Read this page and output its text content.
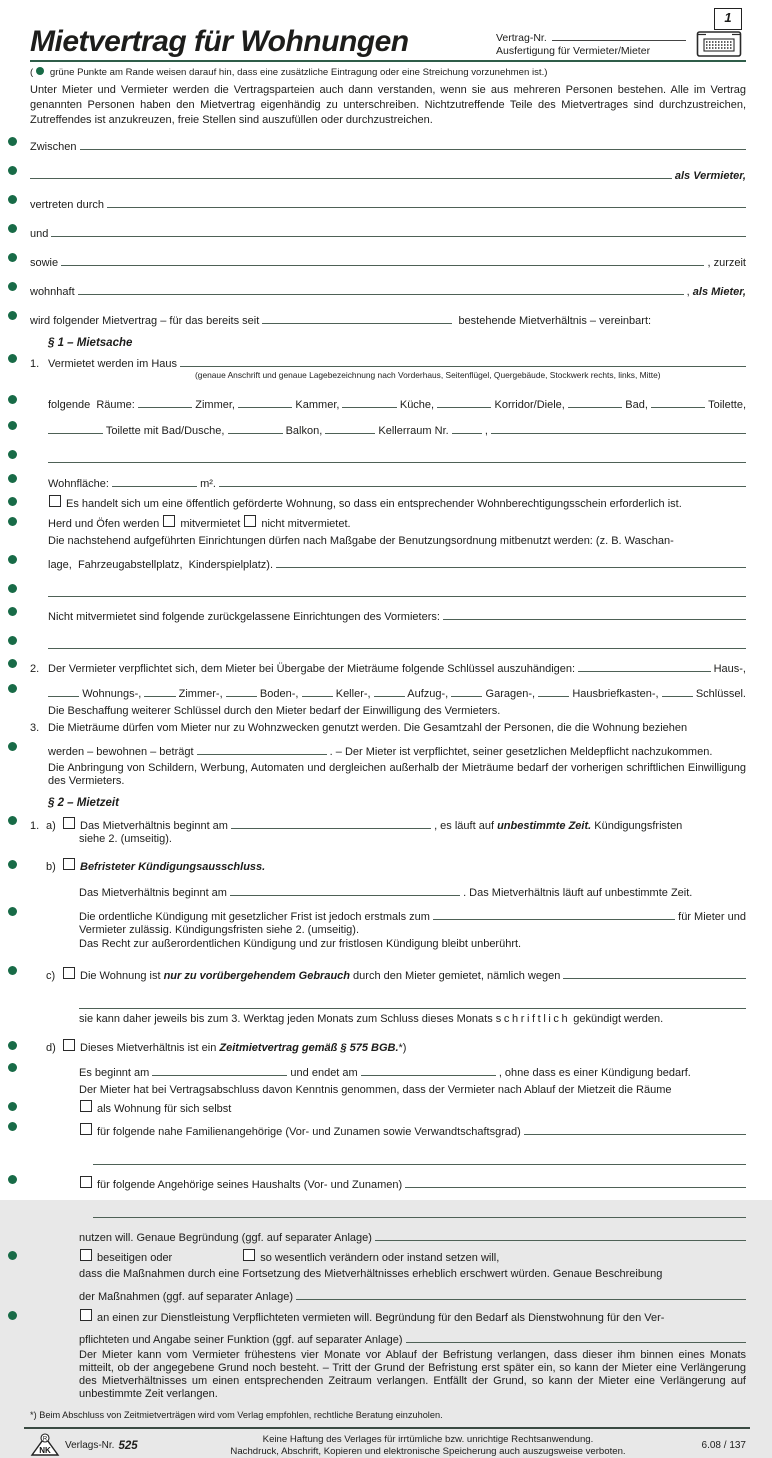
Mietvertrag für Wohnungen	Vertrag-Nr.
Ausfertigung für Vermieter/Mieter
1
( grüne Punkte am Rande weisen darauf hin, dass eine zusätzliche Eintragung oder eine Streichung vorzunehmen ist.)
Unter Mieter und Vermieter werden die Vertragsparteien auch dann verstanden, wenn sie aus mehreren Personen bestehen. Alle im Vertrag genannten Personen haben den Mietvertrag eigenhändig zu unterschreiben. Nichtzutreffende Teile des Mietvertrages sind durchzustreichen, Zutreffendes ist anzukreuzen, freie Stellen sind auszufüllen oder durchzustreichen.
Zwischen
als Vermieter,
vertreten durch
und
sowie	, zurzeit
wohnhaft	, als Mieter,
wird folgender Mietvertrag – für das bereits seit	bestehende Mietverhältnis – vereinbart:
§ 1 – Mietsache
1. Vermietet werden im Haus
(genaue Anschrift und genaue Lagebezeichnung nach Vorderhaus, Seitenflügel, Quergebäude, Stockwerk rechts, links, Mitte)
folgende  Räume:	Zimmer,	Kammer,	Küche,	Korridor/Diele,	Bad,	Toilette,
Toilette mit Bad/Dusche,	Balkon,	Kellerraum Nr.	,
Wohnfläche:	m².
Es handelt sich um eine öffentlich geförderte Wohnung, so dass ein entsprechender Wohnberechtigungsschein erforderlich ist.
Herd und Öfen werden mitvermietet nicht mitvermietet.
Die nachstehend aufgeführten Einrichtungen dürfen nach Maßgabe der Benutzungsordnung mitbenutzt werden: (z. B. Waschan-
lage,  Fahrzeugabstellplatz,  Kinderspielplatz).
Nicht mitvermietet sind folgende zurückgelassene Einrichtungen des Vormieters:
2. Der Vermieter verpflichtet sich, dem Mieter bei Übergabe der Mieträume folgende Schlüssel auszuhändigen:	Haus-,
Wohnungs-,	Zimmer-,	Boden-,	Keller-,	Aufzug-,	Garagen-,	Hausbriefkasten-,	Schlüssel.
Die Beschaffung weiterer Schlüssel durch den Mieter bedarf der Einwilligung des Vermieters.
3. Die Mieträume dürfen vom Mieter nur zu Wohnzwecken genutzt werden. Die Gesamtzahl der Personen, die die Wohnung beziehen
werden – bewohnen – beträgt	. – Der Mieter ist verpflichtet, seiner gesetzlichen Meldepflicht nachzukommen.
Die Anbringung von Schildern, Werbung, Automaten und dergleichen außerhalb der Mieträume bedarf der vorherigen schriftlichen Einwilligung des Vermieters.
§ 2 – Mietzeit
1. a)	Das Mietverhältnis beginnt am	, es läuft auf unbestimmte Zeit. Kündigungsfristen
siehe 2. (umseitig).
b)	Befristeter Kündigungsausschluss.
Das Mietverhältnis beginnt am	. Das Mietverhältnis läuft auf unbestimmte Zeit.
Die ordentliche Kündigung mit gesetzlicher Frist ist jedoch erstmals zum	für Mieter und
Vermieter zulässig. Kündigungsfristen siehe 2. (umseitig).
Das Recht zur außerordentlichen Kündigung und zur fristlosen Kündigung bleibt unberührt.
c)	Die Wohnung ist nur zu vorübergehendem Gebrauch durch den Mieter gemietet, nämlich wegen
sie kann daher jeweils bis zum 3. Werktag jeden Monats zum Schluss dieses Monats schriftlich gekündigt werden.
d)	Dieses Mietverhältnis ist ein Zeitmietvertrag gemäß § 575 BGB. *)
Es beginnt am	und endet am	, ohne dass es einer Kündigung bedarf.
Der Mieter hat bei Vertragsabschluss davon Kenntnis genommen, dass der Vermieter nach Ablauf der Mietzeit die Räume
als Wohnung für sich selbst
für folgende nahe Familienangehörige (Vor- und Zunamen sowie Verwandtschaftsgrad)
für folgende Angehörige seines Haushalts (Vor- und Zunamen)
nutzen will. Genaue Begründung (ggf. auf separater Anlage)
beseitigen oder	so wesentlich verändern oder instand setzen will,
dass die Maßnahmen durch eine Fortsetzung des Mietverhältnisses erheblich erschwert würden. Genaue Beschreibung
der Maßnahmen (ggf. auf separater Anlage)
an einen zur Dienstleistung Verpflichteten vermieten will. Begründung für den Bedarf als Dienstwohnung für den Ver-
pflichteten und Angabe seiner Funktion (ggf. auf separater Anlage)
Der Mieter kann vom Vermieter frühestens vier Monate vor Ablauf der Befristung verlangen, dass dieser ihm binnen eines Monats mitteilt, ob der angegebene Grund noch besteht. – Tritt der Grund der Befristung erst später ein, so kann der Mieter eine Verlängerung des Mietverhältnisses um einen entsprechenden Zeitraum verlangen. Entfällt der Grund, so kann der Mieter eine Verlängerung auf unbestimmte Zeit verlangen.
*) Beim Abschluss von Zeitmietverträgen wird vom Verlag empfohlen, rechtliche Beratung einzuholen.
NK
R
Verlags-Nr. 525
Keine Haftung des Verlages für irrtümliche bzw. unrichtige Rechtsanwendung.
Nachdruck, Abschrift, Kopieren und elektronische Speicherung auch auszugsweise verboten.	6.08 / 137
